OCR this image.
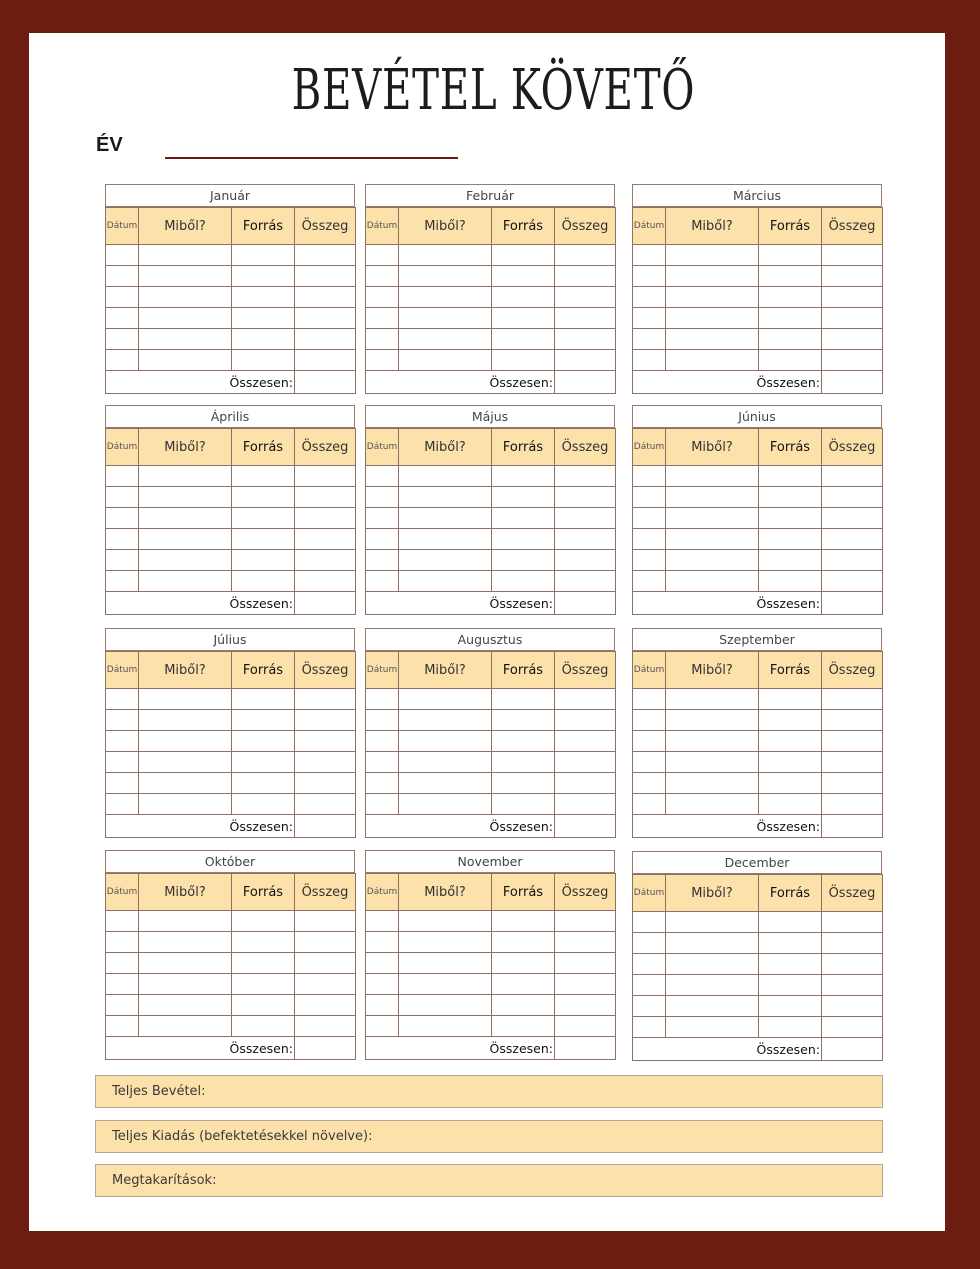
BEVÉTEL KÖVETŐ
ÉV
Január
Dátum	Miből?	Forrás	Összeg

Összesen:			
Február
Dátum	Miből?	Forrás	Összeg

Összesen:			
Március
Dátum	Miből?	Forrás	Összeg

Összesen:			
Április
Dátum	Miből?	Forrás	Összeg

Összesen:			
Május
Dátum	Miből?	Forrás	Összeg

Összesen:			
Június
Dátum	Miből?	Forrás	Összeg

Összesen:			
Július
Dátum	Miből?	Forrás	Összeg

Összesen:			
Augusztus
Dátum	Miből?	Forrás	Összeg

Összesen:			
Szeptember
Dátum	Miből?	Forrás	Összeg

Összesen:			
Október
Dátum	Miből?	Forrás	Összeg

Összesen:			
November
Dátum	Miből?	Forrás	Összeg

Összesen:			
December
Dátum	Miből?	Forrás	Összeg

Összesen:			
Teljes Bevétel:
Teljes Kiadás (befektetésekkel növelve):
Megtakarítások:
